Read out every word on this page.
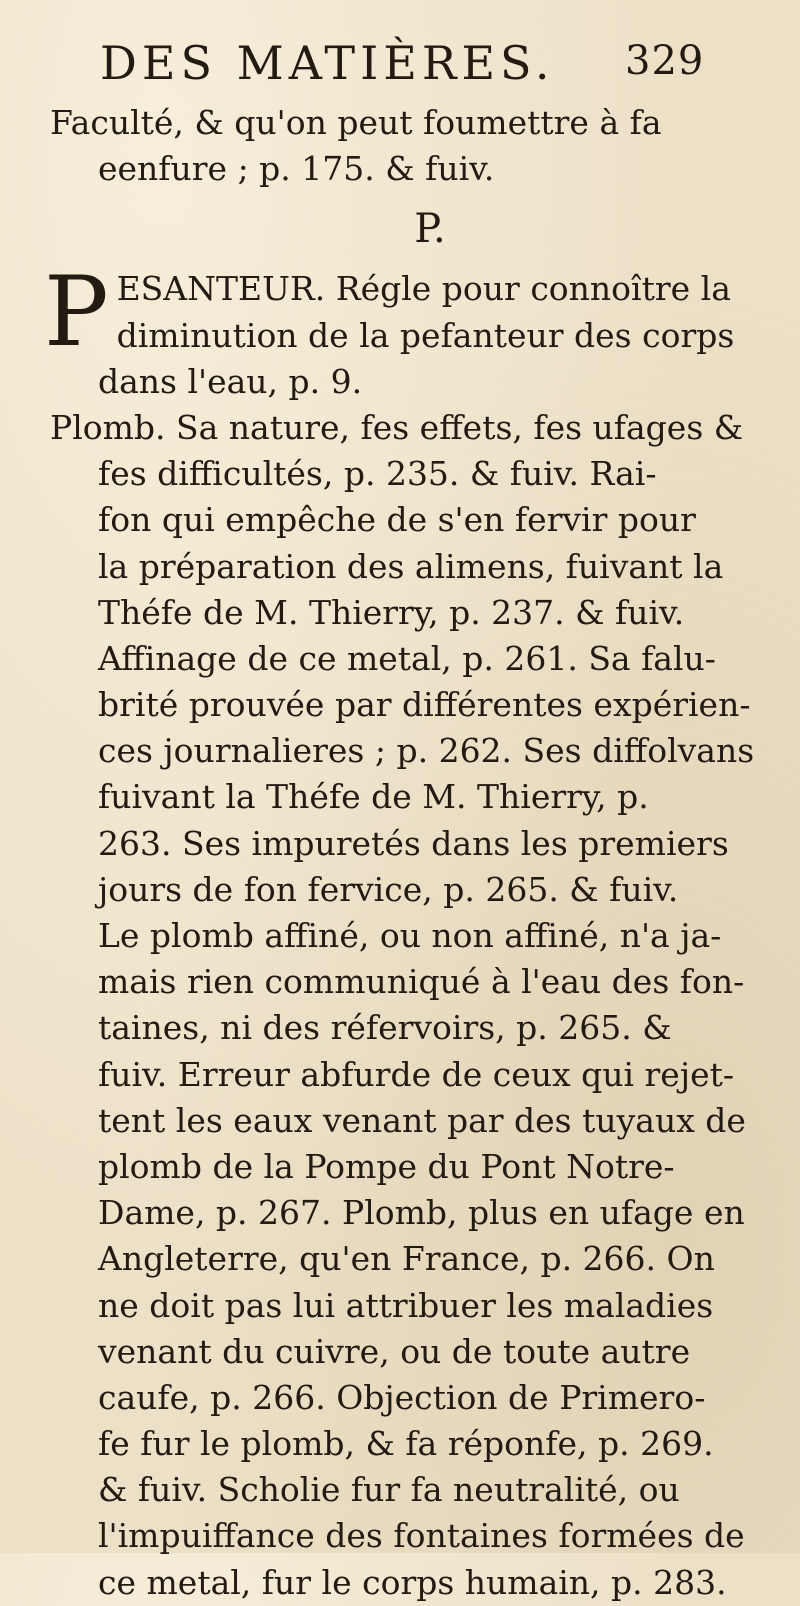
DES MATIÈRES. 329
Faculté, & qu'on peut foumettre à fa
eenfure ; p. 175. & fuiv.
P.
P ESANTEUR. Régle pour connoître la
diminution de la pefanteur des corps
dans l'eau, p. 9.
Plomb. Sa nature, fes effets, fes ufages &
fes difficultés, p. 235. & fuiv. Rai-
fon qui empêche de s'en fervir pour
la préparation des alimens, fuivant la
Théfe de M. Thierry, p. 237. & fuiv.
Affinage de ce metal, p. 261. Sa falu-
brité prouvée par différentes expérien-
ces journalieres ; p. 262. Ses diffolvans
fuivant la Théfe de M. Thierry, p.
263. Ses impuretés dans les premiers
jours de fon fervice, p. 265. & fuiv.
Le plomb affiné, ou non affiné, n'a ja-
mais rien communiqué à l'eau des fon-
taines, ni des réfervoirs, p. 265. &
fuiv. Erreur abfurde de ceux qui rejet-
tent les eaux venant par des tuyaux de
plomb de la Pompe du Pont Notre-
Dame, p. 267. Plomb, plus en ufage en
Angleterre, qu'en France, p. 266. On
ne doit pas lui attribuer les maladies
venant du cuivre, ou de toute autre
caufe, p. 266. Objection de Primero-
fe fur le plomb, & fa réponfe, p. 269.
& fuiv. Scholie fur fa neutralité, ou
l'impuiffance des fontaines formées de
ce metal, fur le corps humain, p. 283.
